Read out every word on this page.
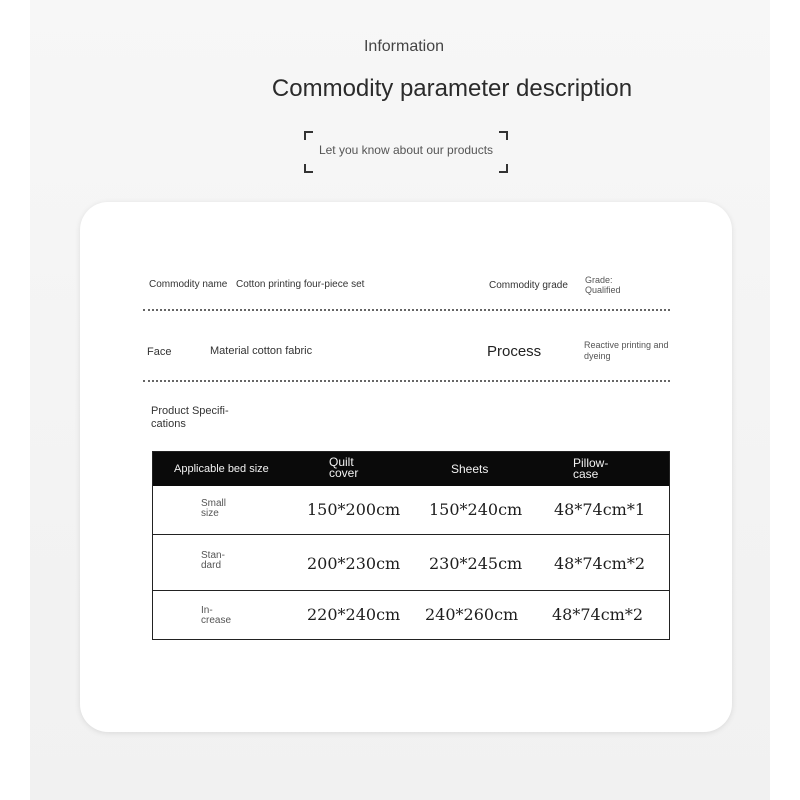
Information
Commodity parameter description
Let you know about our products
Commodity name Cotton printing four-piece set	Commodity grade Grade:
Qualified
Face	Material cotton fabric	Process	Reactive printing and
dyeing
Product Specifi-
cations
Applicable bed size	Quilt
cover	Sheets	Pillow-
case
Small
size	150*200cm 150*240cm 48*74cm*1
Stan-
dard	200*230cm 230*245cm 48*74cm*2
In-
crease	220*240cm 240*260cm 48*74cm*2
